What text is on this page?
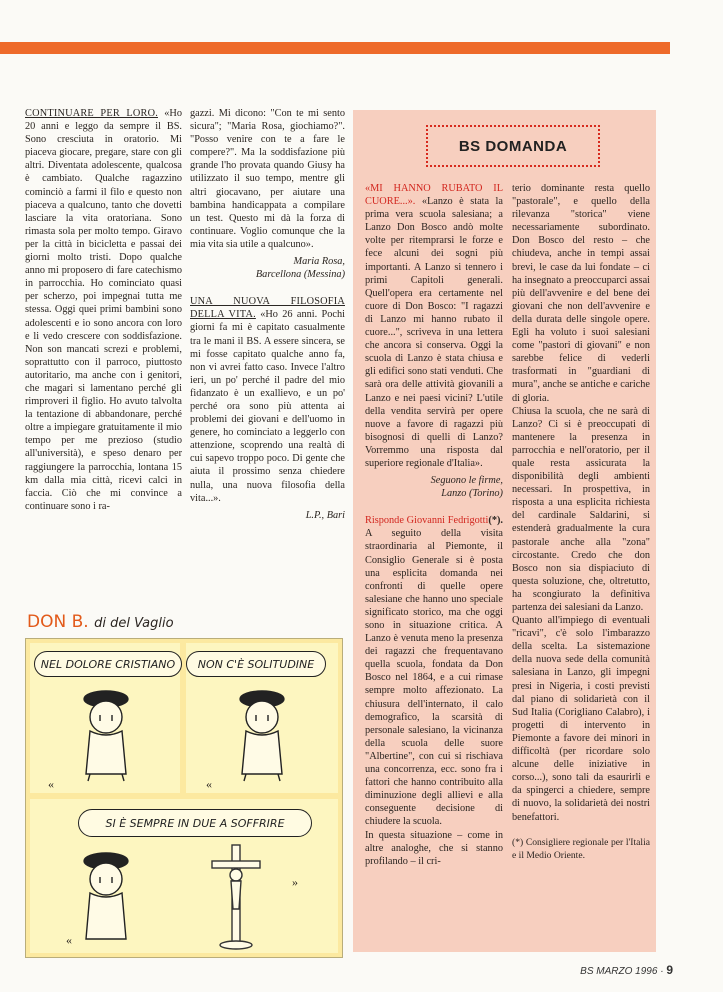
CONTINUARE PER LORO. «Ho 20 anni e leggo da sempre il BS. Sono cresciuta in oratorio. Mi piaceva giocare, pregare, stare con gli altri. Diventata adolescente, qualcosa è cambiato. Qualche ragazzino cominciò a farmi il filo e questo non piaceva a qualcuno, tanto che dovetti lasciare la vita oratoriana. Sono rimasta sola per molto tempo. Giravo per la città in bicicletta e passai dei giorni molto tristi. Dopo qualche anno mi proposero di fare catechismo in parrocchia. Ho cominciato quasi per scherzo, poi impegnai tutta me stessa. Oggi quei primi bambini sono adolescenti e io sono ancora con loro e li vedo crescere con soddisfazione. Non son mancati screzi e problemi, soprattutto con il parroco, piuttosto autoritario, ma anche con i genitori, che magari si lamentano perché gli rimproveri il figlio. Ho avuto talvolta la tentazione di abbandonare, perché oltre a impiegare gratuitamente il mio tempo per me prezioso (studio all'università), e speso denaro per raggiungere la parrocchia, lontana 15 km dalla mia città, ricevi calci in faccia. Ciò che mi convince a continuare sono i ra-

gazzi. Mi dicono: "Con te mi sento sicura"; "Maria Rosa, giochiamo?". "Posso venire con te a fare le compere?". Ma la soddisfazione più grande l'ho provata quando Giusy ha utilizzato il suo tempo, mentre gli altri giocavano, per aiutare una bambina handicappata a compilare un test. Questo mi dà la forza di continuare. Voglio comunque che la mia vita sia utile a qualcuno».

Maria Rosa,
Barcellona (Messina)

UNA NUOVA FILOSOFIA DELLA VITA. «Ho 26 anni. Pochi giorni fa mi è capitato casualmente tra le mani il BS. A essere sincera, se mi fosse capitato qualche anno fa, non vi avrei fatto caso. Invece l'altro ieri, un po' perché il padre del mio fidanzato è un exallievo, e un po' perché ora sono più attenta ai problemi dei giovani e dell'uomo in genere, ho cominciato a leggerlo con attenzione, scoprendo una realtà di cui sapevo troppo poco. Di gente che aiuta il prossimo senza chiedere nulla, una nuova filosofia della vita...».

L.P., Bari

BS DOMANDA

«MI HANNO RUBATO IL CUORE...». «Lanzo è stata la prima vera scuola salesiana; a Lanzo Don Bosco andò molte volte per ritemprarsi le forze e fece alcuni dei sogni più importanti. A Lanzo si tennero i primi Capitoli generali. Quell'opera era certamente nel cuore di Don Bosco: "I ragazzi di Lanzo mi hanno rubato il cuore...", scriveva in una lettera che ancora si conserva. Oggi la scuola di Lanzo è stata chiusa e gli edifici sono stati venduti. Che sarà ora delle attività giovanili a Lanzo e nei paesi vicini? L'utile della vendita servirà per opere nuove a favore di ragazzi più bisognosi di quelli di Lanzo? Vorremmo una risposta dal superiore regionale d'Italia».

Seguono le firme,
Lanzo (Torino)

Risponde Giovanni Fedrigotti(*). A seguito della visita straordinaria al Piemonte, il Consiglio Generale si è posta una esplicita domanda nei confronti di quelle opere salesiane che hanno uno speciale significato storico, ma che oggi sono in situazione critica. A Lanzo è venuta meno la presenza dei ragazzi che frequentavano quella scuola, fondata da Don Bosco nel 1864, e a cui rimase sempre molto affezionato. La chiusura dell'internato, il calo demografico, la scarsità di personale salesiano, la vicinanza della scuola delle suore "Albertine", con cui si rischiava una concorrenza, ecc. sono fra i fattori che hanno contribuito alla diminuzione degli allievi e alla conseguente decisione di chiudere la scuola.

In questa situazione – come in altre analoghe, che si stanno profilando – il cri-

terio dominante resta quello "pastorale", e quello della rilevanza "storica" viene necessariamente subordinato. Don Bosco del resto – che chiudeva, anche in tempi assai brevi, le case da lui fondate – ci ha insegnato a preoccuparci assai più dell'avvenire e del bene dei giovani che non dell'avvenire e della durata delle singole opere. Egli ha voluto i suoi salesiani come "pastori di giovani" e non sarebbe felice di vederli trasformati in "guardiani di mura", anche se antiche e cariche di gloria.

Chiusa la scuola, che ne sarà di Lanzo? Ci si è preoccupati di mantenere la presenza in parrocchia e nell'oratorio, per il quale resta assicurata la disponibilità degli ambienti necessari. In prospettiva, in risposta a una esplicita richiesta del cardinale Saldarini, si estenderà gradualmente la cura pastorale anche alla "zona" circostante. Credo che don Bosco non sia dispiaciuto di questa soluzione, che, oltretutto, ha scongiurato la definitiva partenza dei salesiani da Lanzo.

Quanto all'impiego di eventuali "ricavi", c'è solo l'imbarazzo della scelta. La sistemazione della nuova sede della comunità salesiana in Lanzo, gli impegni presi in Nigeria, i costi previsti dal piano di solidarietà con il Sud Italia (Corigliano Calabro), i progetti di intervento in Piemonte a favore dei minori in difficoltà (per ricordare solo alcune delle iniziative in corso...), sono tali da esaurirli e da spingerci a chiedere, sempre di nuovo, la solidarietà dei nostri benefattori.

(*) Consigliere regionale per l'Italia e il Medio Oriente.

DON B. di del Vaglio
NEL DOLORE CRISTIANO	NON C'È SOLITUDINE
SI È SEMPRE IN DUE A SOFFRIRE
«	«
«
»
BS MARZO 1996 · 9
